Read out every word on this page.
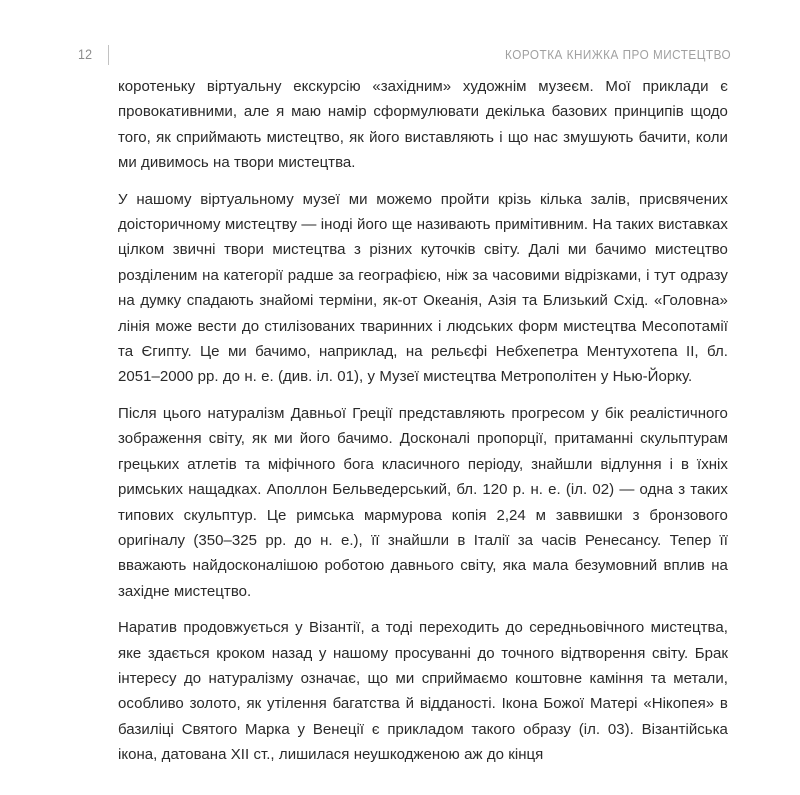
12	КОРОТКА КНИЖКА ПРО МИСТЕЦТВО

коротеньку віртуальну екскурсію «західним» художнім музеєм. Мої приклади є провокативними, але я маю намір сформулювати декілька базових принципів щодо того, як сприймають мистецтво, як його виставляють і що нас змушують бачити, коли ми дивимось на твори мистецтва.

У нашому віртуальному музеї ми можемо пройти крізь кілька залів, присвячених доісторичному мистецтву — іноді його ще називають примітивним. На таких виставках цілком звичні твори мистецтва з різних куточків світу. Далі ми бачимо мистецтво розділеним на категорії радше за географією, ніж за часовими відрізками, і тут одразу на думку спадають знайомі терміни, як-от Океанія, Азія та Близький Схід. «Головна» лінія може вести до стилізованих тваринних і людських форм мистецтва Месопотамії та Єгипту. Це ми бачимо, наприклад, на рельєфі Небхепетра Ментухотепа II, бл. 2051–2000 рр. до н. е. (див. іл. 01), у Музеї мистецтва Метрополітен у Нью-Йорку.

Після цього натуралізм Давньої Греції представляють прогресом у бік реалістичного зображення світу, як ми його бачимо. Досконалі пропорції, притаманні скульптурам грецьких атлетів та міфічного бога класичного періоду, знайшли відлуння і в їхніх римських нащадках. Аполлон Бельведерський, бл. 120 р. н. е. (іл. 02) — одна з таких типових скульптур. Це римська мармурова копія 2,24 м заввишки з бронзового оригіналу (350–325 рр. до н. е.), її знайшли в Італії за часів Ренесансу. Тепер її вважають найдосконалішою роботою давнього світу, яка мала безумовний вплив на західне мистецтво.

Наратив продовжується у Візантії, а тоді переходить до середньовічного мистецтва, яке здається кроком назад у нашому просуванні до точного відтворення світу. Брак інтересу до натуралізму означає, що ми сприймаємо коштовне каміння та метали, особливо золото, як утілення багатства й відданості. Ікона Божої Матері «Нікопея» в базиліці Святого Марка у Венеції є прикладом такого образу (іл. 03). Візантійська ікона, датована XII ст., лишилася неушкодженою аж до кінця
